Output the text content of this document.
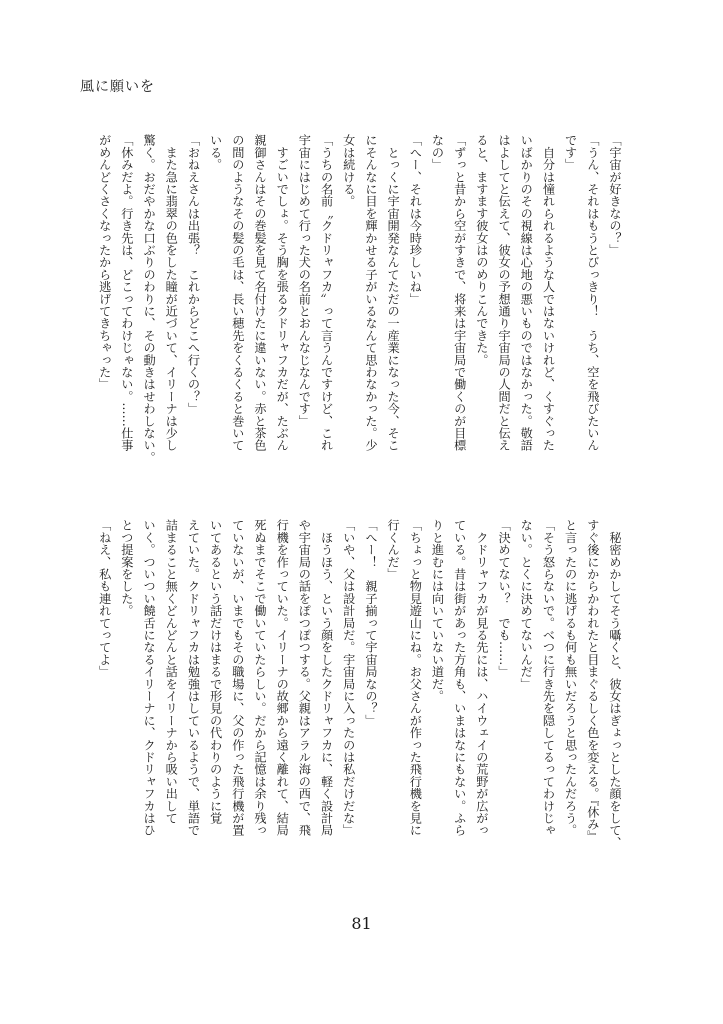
風に願いを
「宇宙が好きなの？」
「うん、それはもうとびっきり！　うち、空を飛びたいん
です」
　自分は憧れられるような人ではないけれど、くすぐった
いばかりのその視線は心地の悪いものではなかった。敬語
はよしてと伝えて、彼女の予想通り宇宙局の人間だと伝え
ると、ますます彼女はのめりこんできた。
「ずっと昔から空がすきで、将来は宇宙局で働くのが目標
なの」
「へー、それは今時珍しいね」
　とっくに宇宙開発なんてただの一産業になった今、そこ
にそんなに目を輝かせる子がいるなんて思わなかった。少
女は続ける。
「うちの名前〝クドリャフカ〟って言うんですけど、これ
宇宙にはじめて行った犬の名前とおんなじなんです」
　すごいでしょ。そう胸を張るクドリャフカだが、たぶん
親御さんはその巻髪を見て名付けたに違いない。赤と茶色
の間のようなその髪の毛は、長い穂先をくるくると巻いて
いる。
「おねえさんは出張？　これからどこへ行くの？」
　また急に翡翠の色をした瞳が近づいて、イリーナは少し
驚く。おだやかな口ぶりのわりに、その動きはせわしない。
「休みだよ。行き先は、どこってわけじゃない。……仕事
がめんどくさくなったから逃げてきちゃった」
　秘密めかしてそう囁くと、彼女はぎょっとした顔をして、
すぐ後にからかわれたと目まぐるしく色を変える。『休み』
と言ったのに逃げるも何も無いだろうと思ったんだろう。
「そう怒らないで。べつに行き先を隠してるってわけじゃ
ない。とくに決めてないんだ」
「決めてない？　でも……」
　クドリャフカが見る先には、ハイウェイの荒野が広がっ
ている。昔は街があった方角も、いまはなにもない。ふら
りと進むには向いていない道だ。
「ちょっと物見遊山にね。お父さんが作った飛行機を見に
行くんだ」
「へー！　親子揃って宇宙局なの？」
「いや、父は設計局だ。宇宙局に入ったのは私だけだな」
　ほうほう、という顔をしたクドリャフカに、軽く設計局
や宇宙局の話をぽつぽつする。父親はアラル海の西で、飛
行機を作っていた。イリーナの故郷から遠く離れて、結局
死ぬまでそこで働いていたらしい。だから記憶は余り残っ
ていないが、いまでもその職場に、父の作った飛行機が置
いてあるという話だけはまるで形見の代わりのように覚
えていた。クドリャフカは勉強はしているようで、単語で
詰まること無くどんどんと話をイリーナから吸い出して
いく。ついつい饒舌になるイリーナに、クドリャフカはひ
とつ提案をした。
「ねえ、私も連れてってよ」
81
